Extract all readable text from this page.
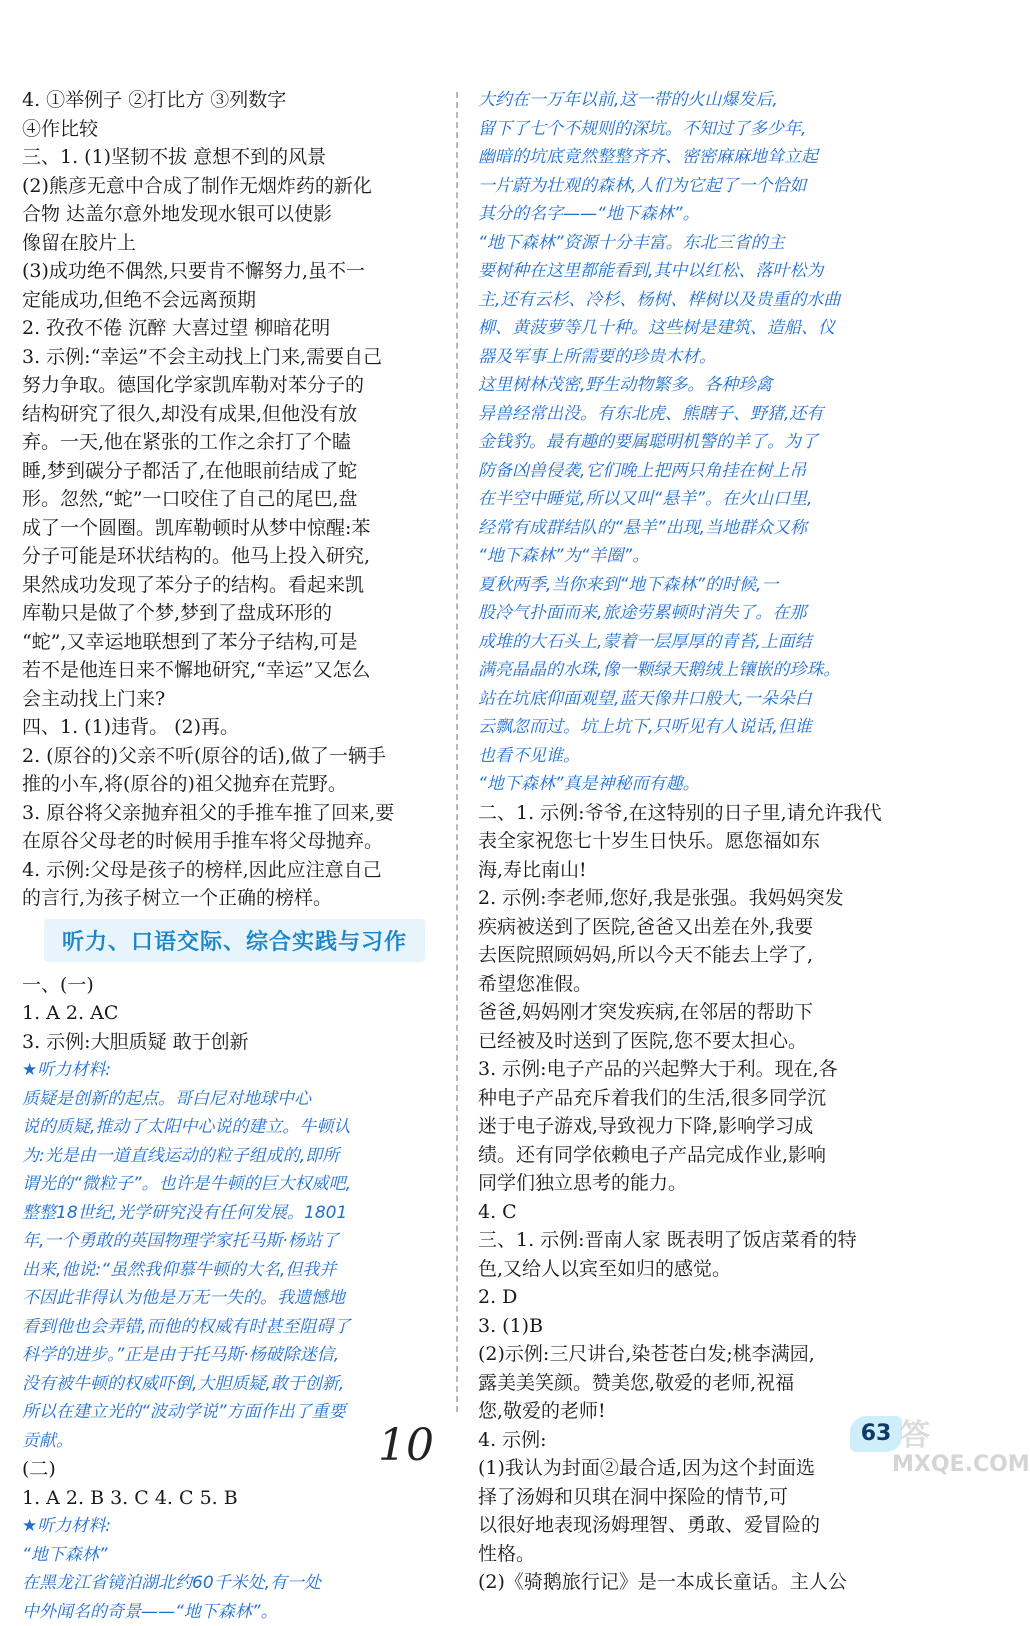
4. ①举例子 ②打比方 ③列数字
④作比较
三、1. (1)坚韧不拔 意想不到的风景
(2)熊彦无意中合成了制作无烟炸药的新化
合物 达盖尔意外地发现水银可以使影
像留在胶片上
(3)成功绝不偶然,只要肯不懈努力,虽不一
定能成功,但绝不会远离预期
2. 孜孜不倦 沉醉 大喜过望 柳暗花明
3. 示例:“幸运”不会主动找上门来,需要自己
努力争取。德国化学家凯库勒对苯分子的
结构研究了很久,却没有成果,但他没有放
弃。一天,他在紧张的工作之余打了个瞌
睡,梦到碳分子都活了,在他眼前结成了蛇
形。忽然,“蛇”一口咬住了自己的尾巴,盘
成了一个圆圈。凯库勒顿时从梦中惊醒:苯
分子可能是环状结构的。他马上投入研究,
果然成功发现了苯分子的结构。看起来凯
库勒只是做了个梦,梦到了盘成环形的
“蛇”,又幸运地联想到了苯分子结构,可是
若不是他连日来不懈地研究,“幸运”又怎么
会主动找上门来?
四、1. (1)违背。 (2)再。
2. (原谷的)父亲不听(原谷的话),做了一辆手
推的小车,将(原谷的)祖父抛弃在荒野。
3. 原谷将父亲抛弃祖父的手推车推了回来,要
在原谷父母老的时候用手推车将父母抛弃。
4. 示例:父母是孩子的榜样,因此应注意自己
的言行,为孩子树立一个正确的榜样。
听力、口语交际、综合实践与习作
一、(一)
1. A 2. AC
3. 示例:大胆质疑 敢于创新
★听力材料:
质疑是创新的起点。哥白尼对地球中心
说的质疑,推动了太阳中心说的建立。牛顿认
为:光是由一道直线运动的粒子组成的,即所
谓光的“微粒子”。也许是牛顿的巨大权威吧,
整整18世纪,光学研究没有任何发展。1801
年,一个勇敢的英国物理学家托马斯·杨站了
出来,他说:“虽然我仰慕牛顿的大名,但我并
不因此非得认为他是万无一失的。我遗憾地
看到他也会弄错,而他的权威有时甚至阻碍了
科学的进步。”正是由于托马斯·杨破除迷信,
没有被牛顿的权威吓倒,大胆质疑,敢于创新,
所以在建立光的“波动学说”方面作出了重要
贡献。
(二)
1. A 2. B 3. C 4. C 5. B
★听力材料:
“地下森林”
在黑龙江省镜泊湖北约60千米处,有一处
中外闻名的奇景——“地下森林”。
大约在一万年以前,这一带的火山爆发后,
留下了七个不规则的深坑。不知过了多少年,
幽暗的坑底竟然整整齐齐、密密麻麻地耸立起
一片蔚为壮观的森林,人们为它起了一个恰如
其分的名字——“地下森林”。
“地下森林”资源十分丰富。东北三省的主
要树种在这里都能看到,其中以红松、落叶松为
主,还有云杉、冷杉、杨树、桦树以及贵重的水曲
柳、黄菠萝等几十种。这些树是建筑、造船、仪
器及军事上所需要的珍贵木材。
这里树林茂密,野生动物繁多。各种珍禽
异兽经常出没。有东北虎、熊瞎子、野猪,还有
金钱豹。最有趣的要属聪明机警的羊了。为了
防备凶兽侵袭,它们晚上把两只角挂在树上吊
在半空中睡觉,所以又叫“悬羊”。在火山口里,
经常有成群结队的“悬羊”出现,当地群众又称
“地下森林”为“羊圈”。
夏秋两季,当你来到“地下森林”的时候,一
股冷气扑面而来,旅途劳累顿时消失了。在那
成堆的大石头上,蒙着一层厚厚的青苔,上面结
满亮晶晶的水珠,像一颗绿天鹅绒上镶嵌的珍珠。
站在坑底仰面观望,蓝天像井口般大,一朵朵白
云飘忽而过。坑上坑下,只听见有人说话,但谁
也看不见谁。
“地下森林”真是神秘而有趣。
二、1. 示例:爷爷,在这特别的日子里,请允许我代
表全家祝您七十岁生日快乐。愿您福如东
海,寿比南山!
2. 示例:李老师,您好,我是张强。我妈妈突发
疾病被送到了医院,爸爸又出差在外,我要
去医院照顾妈妈,所以今天不能去上学了,
希望您准假。
爸爸,妈妈刚才突发疾病,在邻居的帮助下
已经被及时送到了医院,您不要太担心。
3. 示例:电子产品的兴起弊大于利。现在,各
种电子产品充斥着我们的生活,很多同学沉
迷于电子游戏,导致视力下降,影响学习成
绩。还有同学依赖电子产品完成作业,影响
同学们独立思考的能力。
4. C
三、1. 示例:晋南人家 既表明了饭店菜肴的特
色,又给人以宾至如归的感觉。
2. D
3. (1)B
(2)示例:三尺讲台,染苍苍白发;桃李满园,
露美美笑颜。赞美您,敬爱的老师,祝福
您,敬爱的老师!
4. 示例:
(1)我认为封面②最合适,因为这个封面选
择了汤姆和贝琪在洞中探险的情节,可
以很好地表现汤姆理智、勇敢、爱冒险的
性格。
(2)《骑鹅旅行记》是一本成长童话。主人公
10	63 答
MXQE.COM
